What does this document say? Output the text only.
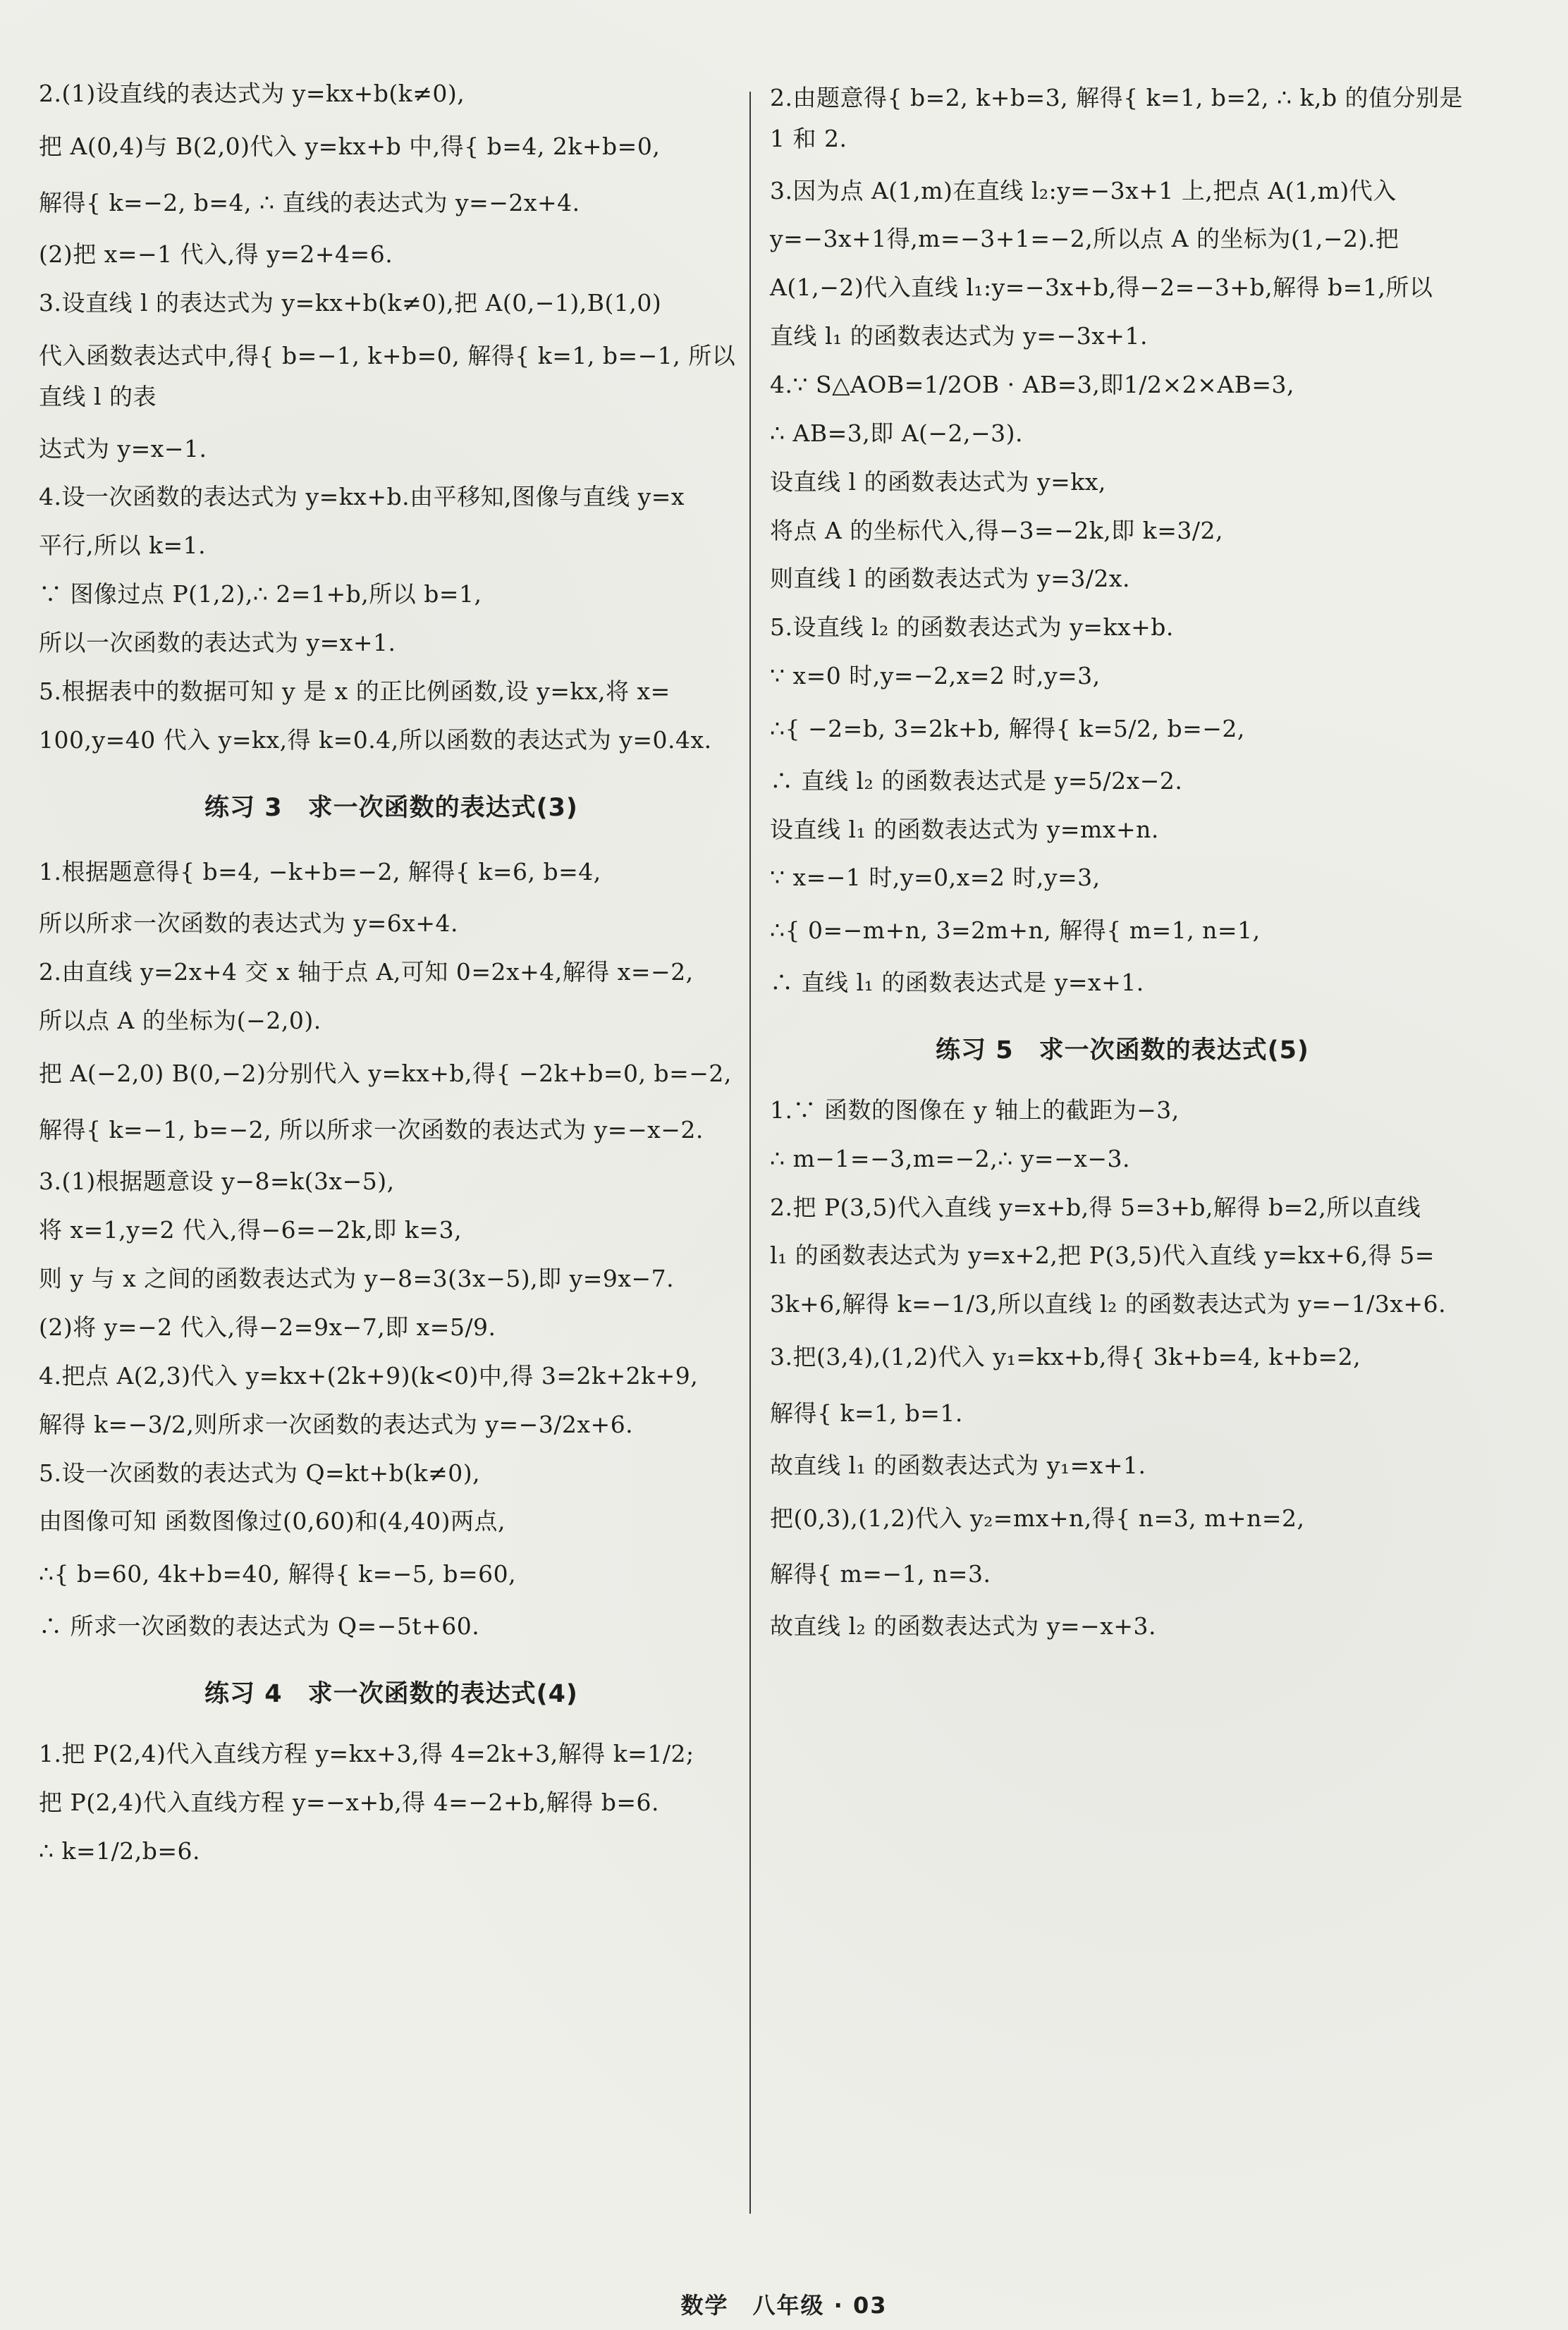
2.(1)设直线的表达式为 y=kx+b(k≠0),
把 A(0,4)与 B(2,0)代入 y=kx+b 中,得{ b=4, 2k+b=0,
解得{ k=−2, b=4, ∴ 直线的表达式为 y=−2x+4.
(2)把 x=−1 代入,得 y=2+4=6.
3.设直线 l 的表达式为 y=kx+b(k≠0),把 A(0,−1),B(1,0)
代入函数表达式中,得{ b=−1, k+b=0, 解得{ k=1, b=−1, 所以直线 l 的表
达式为 y=x−1.
4.设一次函数的表达式为 y=kx+b.由平移知,图像与直线 y=x
平行,所以 k=1.
∵ 图像过点 P(1,2),∴ 2=1+b,所以 b=1,
所以一次函数的表达式为 y=x+1.
5.根据表中的数据可知 y 是 x 的正比例函数,设 y=kx,将 x=
100,y=40 代入 y=kx,得 k=0.4,所以函数的表达式为 y=0.4x.
练习 3　求一次函数的表达式(3)
1.根据题意得{ b=4, −k+b=−2, 解得{ k=6, b=4,
所以所求一次函数的表达式为 y=6x+4.
2.由直线 y=2x+4 交 x 轴于点 A,可知 0=2x+4,解得 x=−2,
所以点 A 的坐标为(−2,0).
把 A(−2,0) B(0,−2)分别代入 y=kx+b,得{ −2k+b=0, b=−2,
解得{ k=−1, b=−2, 所以所求一次函数的表达式为 y=−x−2.
3.(1)根据题意设 y−8=k(3x−5),
将 x=1,y=2 代入,得−6=−2k,即 k=3,
则 y 与 x 之间的函数表达式为 y−8=3(3x−5),即 y=9x−7.
(2)将 y=−2 代入,得−2=9x−7,即 x=5/9.
4.把点 A(2,3)代入 y=kx+(2k+9)(k<0)中,得 3=2k+2k+9,
解得 k=−3/2,则所求一次函数的表达式为 y=−3/2x+6.
5.设一次函数的表达式为 Q=kt+b(k≠0),
由图像可知 函数图像过(0,60)和(4,40)两点,
∴{ b=60, 4k+b=40, 解得{ k=−5, b=60,
∴ 所求一次函数的表达式为 Q=−5t+60.
练习 4　求一次函数的表达式(4)
1.把 P(2,4)代入直线方程 y=kx+3,得 4=2k+3,解得 k=1/2;
把 P(2,4)代入直线方程 y=−x+b,得 4=−2+b,解得 b=6.
∴ k=1/2,b=6.
2.由题意得{ b=2, k+b=3, 解得{ k=1, b=2, ∴ k,b 的值分别是 1 和 2.
3.因为点 A(1,m)在直线 l₂:y=−3x+1 上,把点 A(1,m)代入
y=−3x+1得,m=−3+1=−2,所以点 A 的坐标为(1,−2).把
A(1,−2)代入直线 l₁:y=−3x+b,得−2=−3+b,解得 b=1,所以
直线 l₁ 的函数表达式为 y=−3x+1.
4.∵ S△AOB=1/2OB · AB=3,即1/2×2×AB=3,
∴ AB=3,即 A(−2,−3).
设直线 l 的函数表达式为 y=kx,
将点 A 的坐标代入,得−3=−2k,即 k=3/2,
则直线 l 的函数表达式为 y=3/2x.
5.设直线 l₂ 的函数表达式为 y=kx+b.
∵ x=0 时,y=−2,x=2 时,y=3,
∴{ −2=b, 3=2k+b, 解得{ k=5/2, b=−2,
∴ 直线 l₂ 的函数表达式是 y=5/2x−2.
设直线 l₁ 的函数表达式为 y=mx+n.
∵ x=−1 时,y=0,x=2 时,y=3,
∴{ 0=−m+n, 3=2m+n, 解得{ m=1, n=1,
∴ 直线 l₁ 的函数表达式是 y=x+1.
练习 5　求一次函数的表达式(5)
1.∵ 函数的图像在 y 轴上的截距为−3,
∴ m−1=−3,m=−2,∴ y=−x−3.
2.把 P(3,5)代入直线 y=x+b,得 5=3+b,解得 b=2,所以直线
l₁ 的函数表达式为 y=x+2,把 P(3,5)代入直线 y=kx+6,得 5=
3k+6,解得 k=−1/3,所以直线 l₂ 的函数表达式为 y=−1/3x+6.
3.把(3,4),(1,2)代入 y₁=kx+b,得{ 3k+b=4, k+b=2,
解得{ k=1, b=1.
故直线 l₁ 的函数表达式为 y₁=x+1.
把(0,3),(1,2)代入 y₂=mx+n,得{ n=3, m+n=2,
解得{ m=−1, n=3.
故直线 l₂ 的函数表达式为 y=−x+3.
数学　八年级 · 03
